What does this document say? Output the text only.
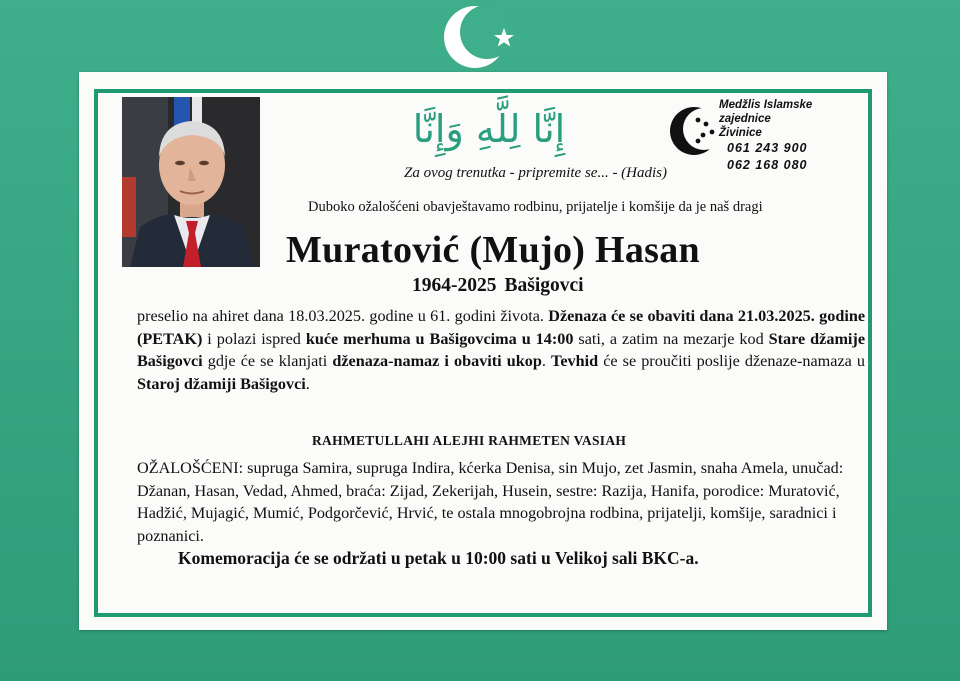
إِنَّا لِلَّهِ وَإِنَّا
Za ovog trenutka - pripremite se... - (Hadis)
Medžlis Islamske zajednice
Živinice
061 243 900
062 168 080
Duboko ožalošćeni obavještavamo rodbinu, prijatelje i komšije da je naš dragi
Muratović (Mujo) Hasan
1964-2025 Bašigovci
preselio na ahiret dana 18.03.2025. godine u 61. godini života. Dženaza će se obaviti dana 21.03.2025. godine (PETAK) i polazi ispred kuće merhuma u Bašigovcima u 14:00 sati, a zatim na mezarje kod Stare džamije Bašigovci gdje će se klanjati dženaza-namaz i obaviti ukop. Tevhid će se proučiti poslije dženaze-namaza u Staroj džamiji Bašigovci.
RAHMETULLAHI ALEJHI RAHMETEN VASIAH
OŽALOŠĆENI: supruga Samira, supruga Indira, kćerka Denisa, sin Mujo, zet Jasmin, snaha Amela, unučad: Džanan, Hasan, Vedad, Ahmed, braća: Zijad, Zekerijah, Husein, sestre: Razija, Hanifa, porodice: Muratović, Hadžić, Mujagić, Mumić, Podgorčević, Hrvić, te ostala mnogobrojna rodbina, prijatelji, komšije, saradnici i poznanici.
Komemoracija će se održati u petak u 10:00 sati u Velikoj sali BKC-a.
